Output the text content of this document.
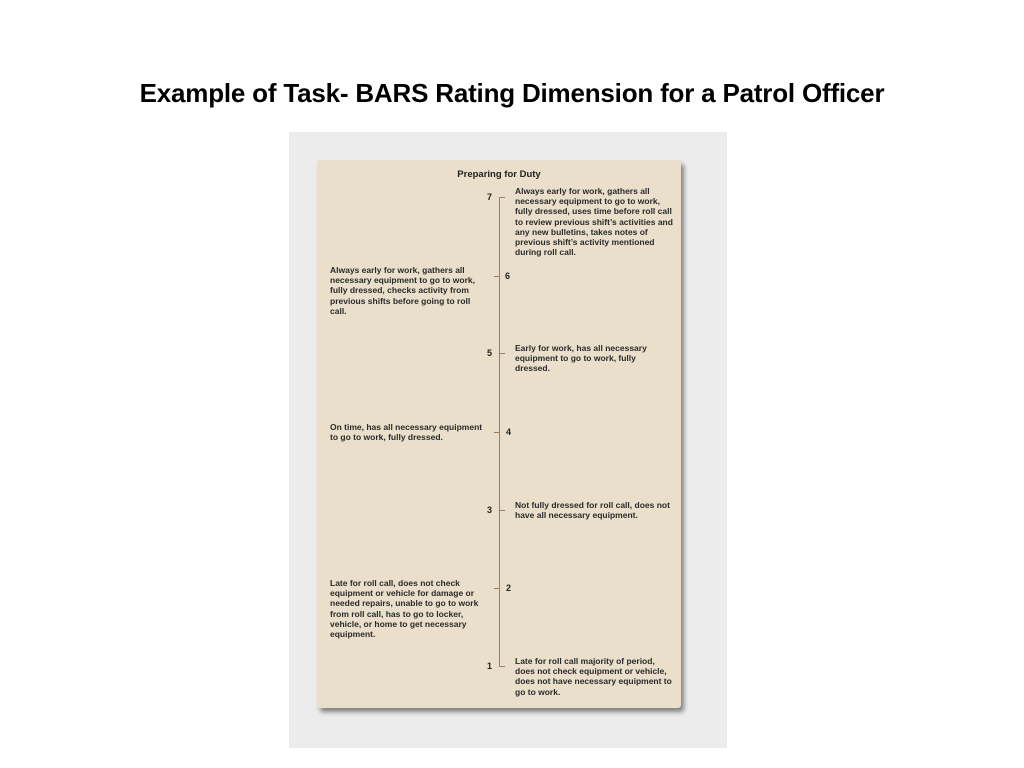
Example of Task- BARS Rating Dimension for a Patrol Officer
Preparing for Duty
7
Always early for work, gathers all necessary equipment to go to work, fully dressed, uses time before roll call to review previous shift’s activities and any new bulletins, takes notes of previous shift’s activity mentioned during roll call.
6
Always early for work, gathers all necessary equipment to go to work, fully dressed, checks activity from previous shifts before going to roll call.
5	Early for work, has all necessary equipment to go to work, fully dressed.
4
On time, has all necessary equipment to go to work, fully dressed.
3	Not fully dressed for roll call, does not have all necessary equipment.
2
Late for roll call, does not check equipment or vehicle for damage or needed repairs, unable to go to work from roll call, has to go to locker, vehicle, or home to get necessary equipment.
1	Late for roll call majority of period, does not check equipment or vehicle, does not have necessary equipment to go to work.
